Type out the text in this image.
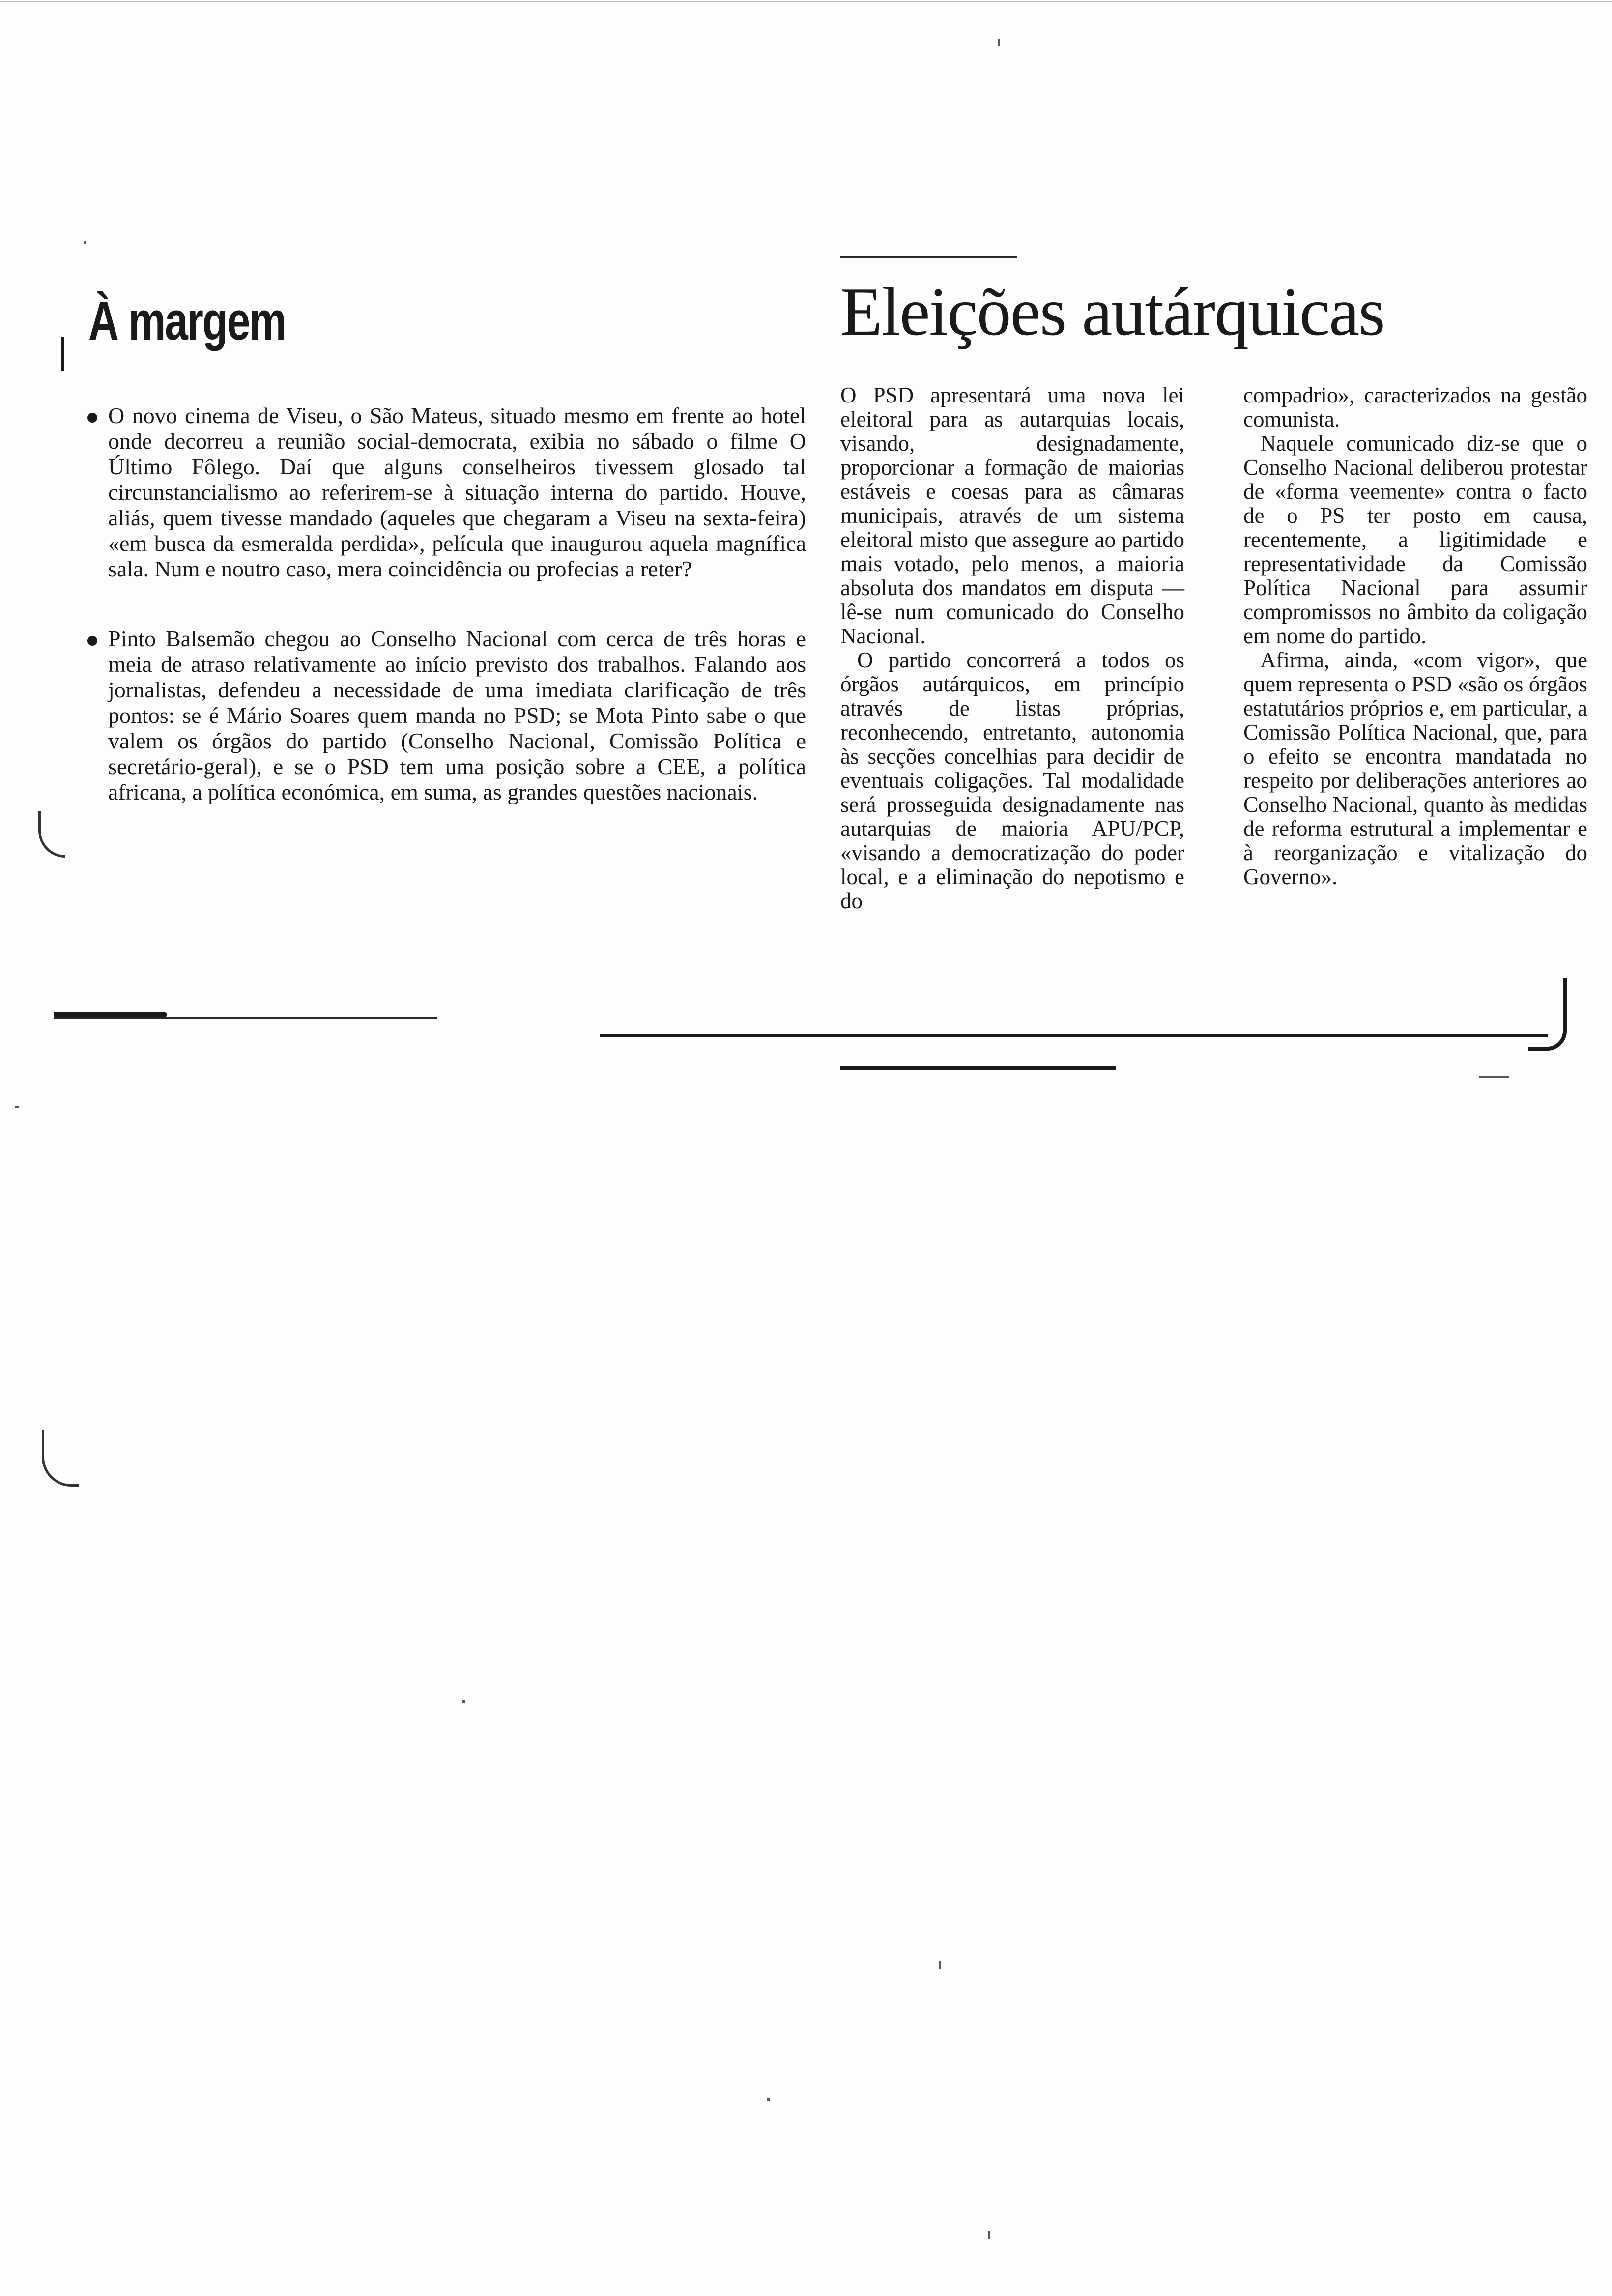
À margem
O novo cinema de Viseu, o São Mateus, situado mesmo em frente ao hotel onde decorreu a reunião social-democrata, exibia no sábado o filme O Último Fôlego. Daí que alguns conselheiros tivessem glosado tal circunstancialismo ao referirem-se à situação interna do partido. Houve, aliás, quem tivesse mandado (aqueles que chegaram a Viseu na sexta-feira) «em busca da esmeralda perdida», película que inaugurou aquela magnífica sala. Num e noutro caso, mera coincidência ou profecias a reter?
Pinto Balsemão chegou ao Conselho Nacional com cerca de três horas e meia de atraso relativamente ao início previsto dos trabalhos. Falando aos jornalistas, defendeu a necessidade de uma imediata clarificação de três pontos: se é Mário Soares quem manda no PSD; se Mota Pinto sabe o que valem os órgãos do partido (Conselho Nacional, Comissão Política e secretário-geral), e se o PSD tem uma posição sobre a CEE, a política africana, a política económica, em suma, as grandes questões nacionais.
Eleições autárquicas

O PSD apresentará uma nova lei eleitoral para as autarquias locais, visando, designadamente, proporcionar a formação de maiorias estáveis e coesas para as câmaras municipais, através de um sistema eleitoral misto que assegure ao partido mais votado, pelo menos, a maioria absoluta dos mandatos em disputa — lê-se num comunicado do Conselho Nacional.

O partido concorrerá a todos os órgãos autárquicos, em princípio através de listas próprias, reconhecendo, entretanto, autonomia às secções concelhias para decidir de eventuais coligações. Tal modalidade será prosseguida designadamente nas autarquias de maioria APU/PCP, «visando a democratização do poder local, e a eliminação do nepotismo e do

compadrio», caracterizados na gestão comunista.

Naquele comunicado diz-se que o Conselho Nacional deliberou protestar de «forma veemente» contra o facto de o PS ter posto em causa, recentemente, a ligitimidade e representatividade da Comissão Política Nacional para assumir compromissos no âmbito da coligação em nome do partido.

Afirma, ainda, «com vigor», que quem representa o PSD «são os órgãos estatutários próprios e, em particular, a Comissão Política Nacional, que, para o efeito se encontra mandatada no respeito por deliberações anteriores ao Conselho Nacional, quanto às medidas de reforma estrutural a implementar e à reorganização e vitalização do Governo».
